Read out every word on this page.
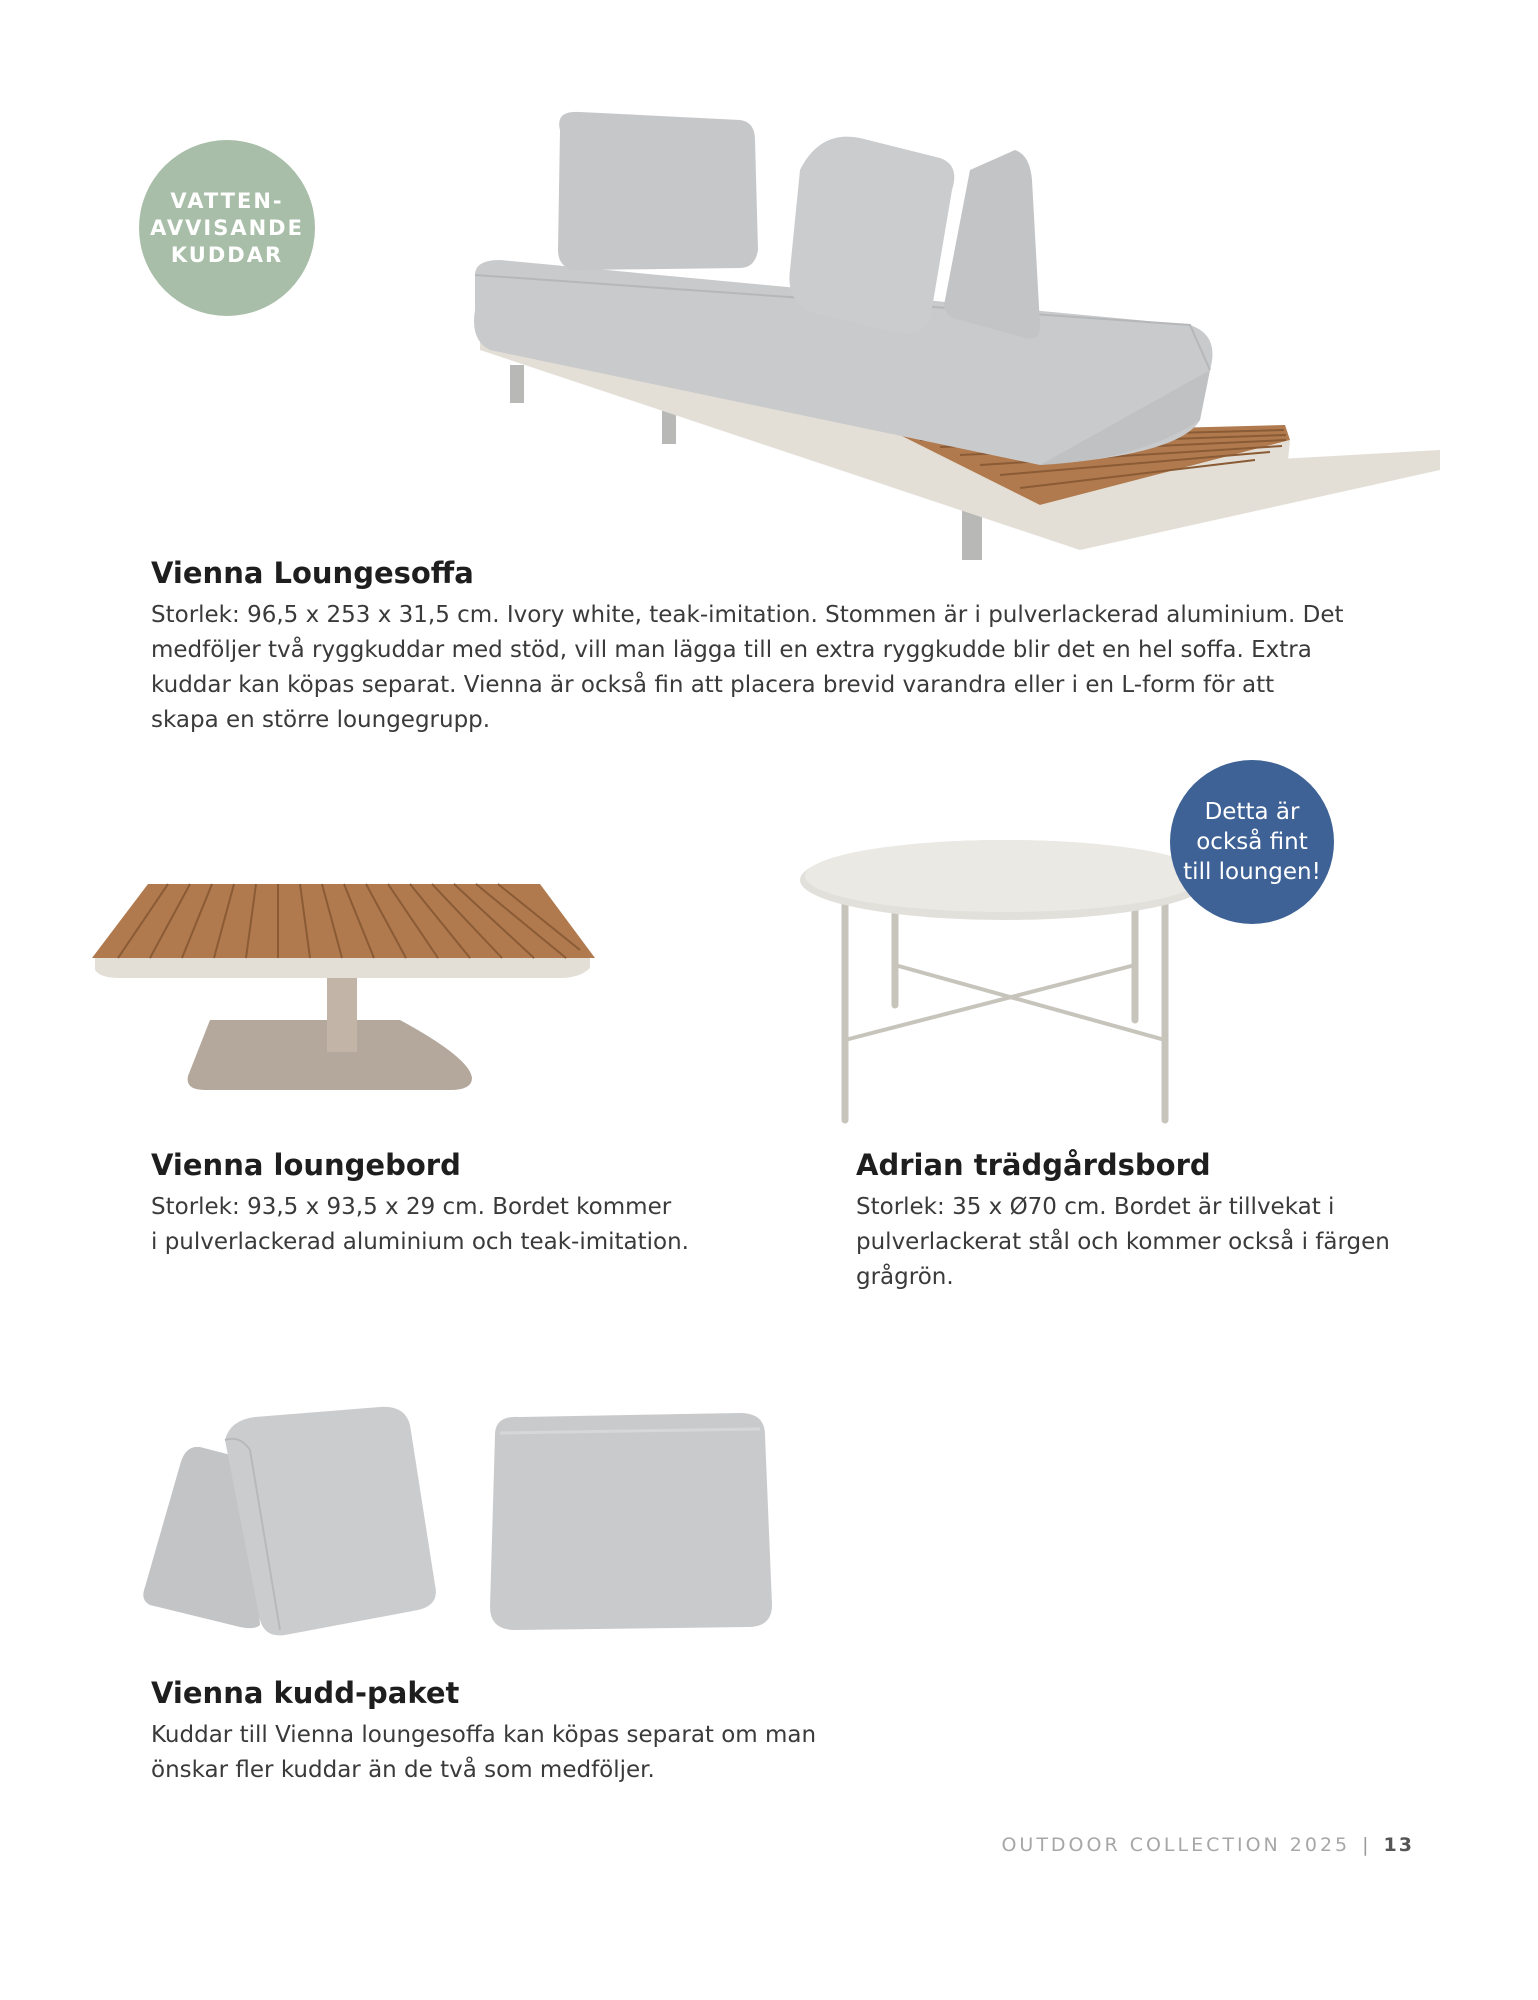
VATTEN-
AVVISANDE
KUDDAR
Vienna Loungesoffa
Storlek: 96,5 x 253 x 31,5 cm. Ivory white, teak-imitation. Stommen är i pulverlackerad aluminium. Det
medföljer två ryggkuddar med stöd, vill man lägga till en extra ryggkudde blir det en hel soffa. Extra
kuddar kan köpas separat. Vienna är också fin att placera brevid varandra eller i en L-form för att
skapa en större loungegrupp.
Vienna loungebord
Storlek: 93,5 x 93,5 x 29 cm. Bordet kommer
i pulverlackerad aluminium och teak-imitation.
Detta är
också fint
till loungen!
Adrian trädgårdsbord
Storlek: 35 x Ø70 cm. Bordet är tillvekat i
pulverlackerat stål och kommer också i färgen
grågrön.
Vienna kudd-paket
Kuddar till Vienna loungesoffa kan köpas separat om man
önskar fler kuddar än de två som medföljer.
OUTDOOR COLLECTION 2025 | 13
